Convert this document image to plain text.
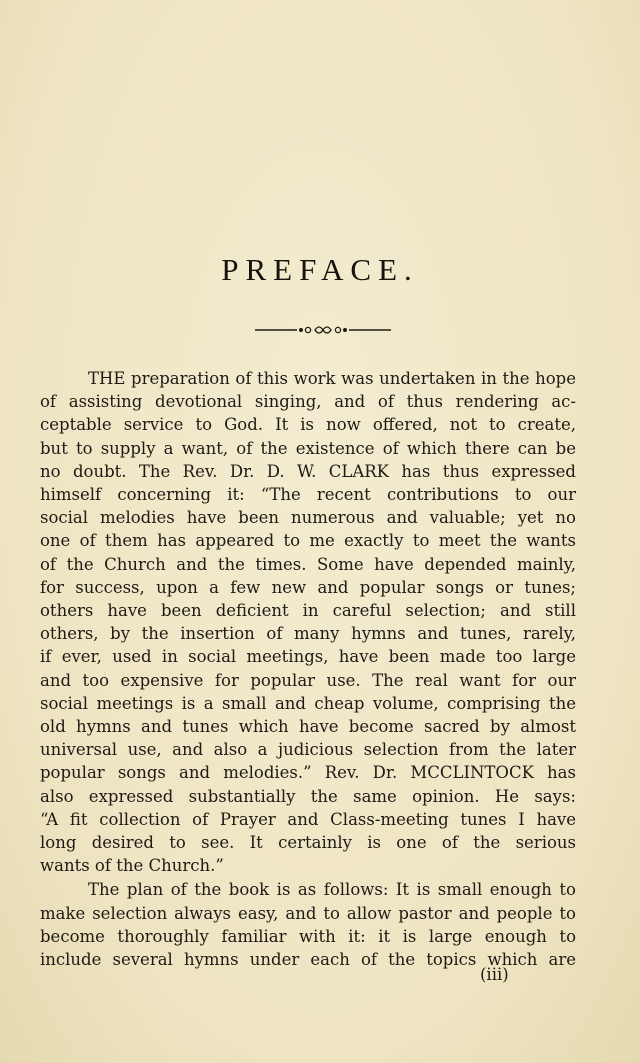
PREFACE.

THE preparation of this work was undertaken in the hope
of assisting devotional singing, and of thus rendering ac-
ceptable service to God. It is now offered, not to create,
but to supply a want, of the existence of which there can be
no doubt. The Rev. Dr. D. W. CLARK has thus expressed
himself concerning it: “The recent contributions to our
social melodies have been numerous and valuable; yet no
one of them has appeared to me exactly to meet the wants
of the Church and the times. Some have depended mainly,
for success, upon a few new and popular songs or tunes;
others have been deficient in careful selection; and still
others, by the insertion of many hymns and tunes, rarely,
if ever, used in social meetings, have been made too large
and too expensive for popular use. The real want for our
social meetings is a small and cheap volume, comprising the
old hymns and tunes which have become sacred by almost
universal use, and also a judicious selection from the later
popular songs and melodies.” Rev. Dr. MCCLINTOCK has
also expressed substantially the same opinion. He says:
“A fit collection of Prayer and Class-meeting tunes I have
long desired to see. It certainly is one of the serious
wants of the Church.”

The plan of the book is as follows: It is small enough to
make selection always easy, and to allow pastor and people to
become thoroughly familiar with it: it is large enough to
include several hymns under each of the topics which are

(iii)
